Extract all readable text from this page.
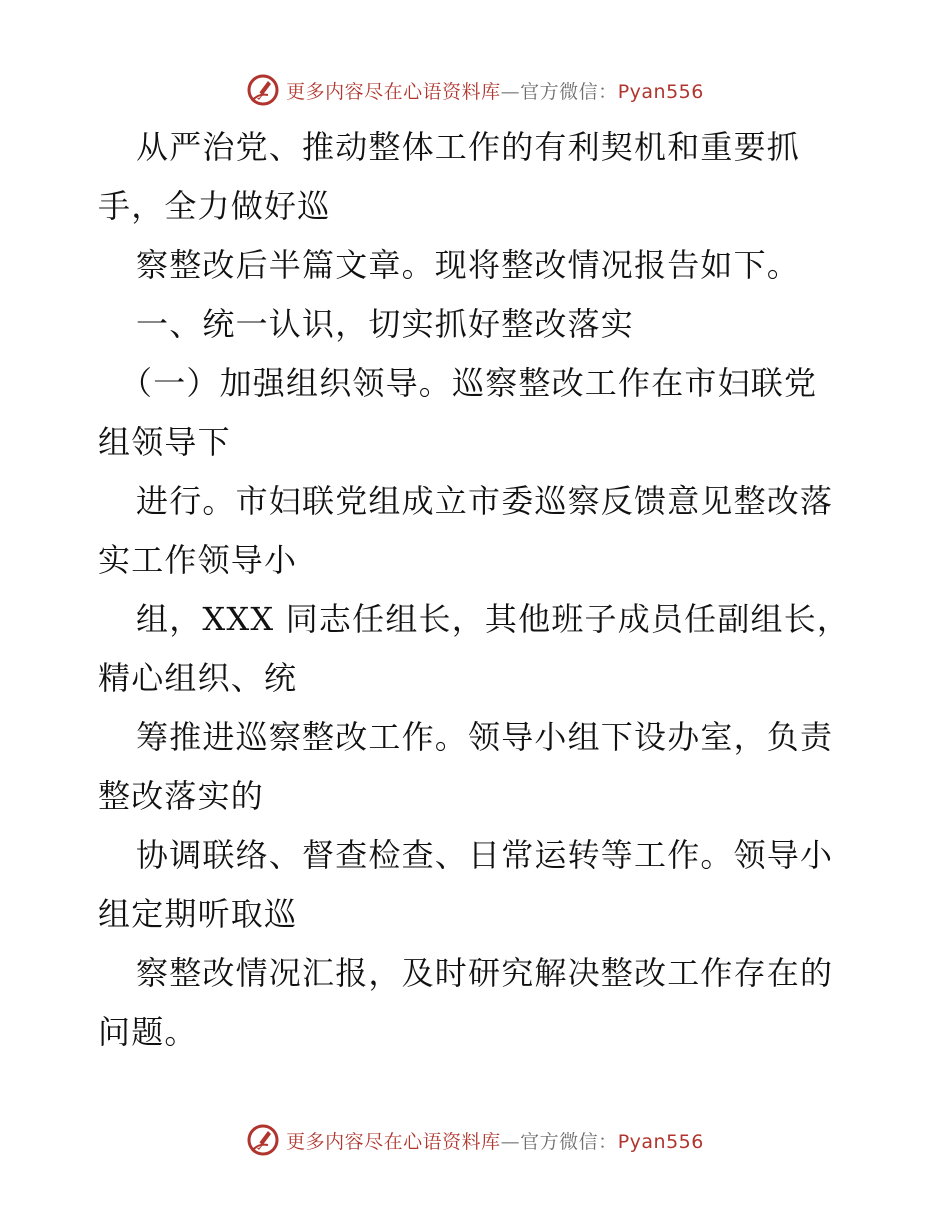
更多内容尽在心语资料库—官方微信：Pyan556
从严治党、推动整体工作的有利契机和重要抓
手，全力做好巡
察整改后半篇文章。现将整改情况报告如下。
一、统一认识，切实抓好整改落实
（一）加强组织领导。巡察整改工作在市妇联党
组领导下
进行。市妇联党组成立市委巡察反馈意见整改落
实工作领导小
组，XXX 同志任组长，其他班子成员任副组长，
精心组织、统
筹推进巡察整改工作。领导小组下设办室，负责
整改落实的
协调联络、督查检查、日常运转等工作。领导小
组定期听取巡
察整改情况汇报，及时研究解决整改工作存在的
问题。
更多内容尽在心语资料库—官方微信：Pyan556
